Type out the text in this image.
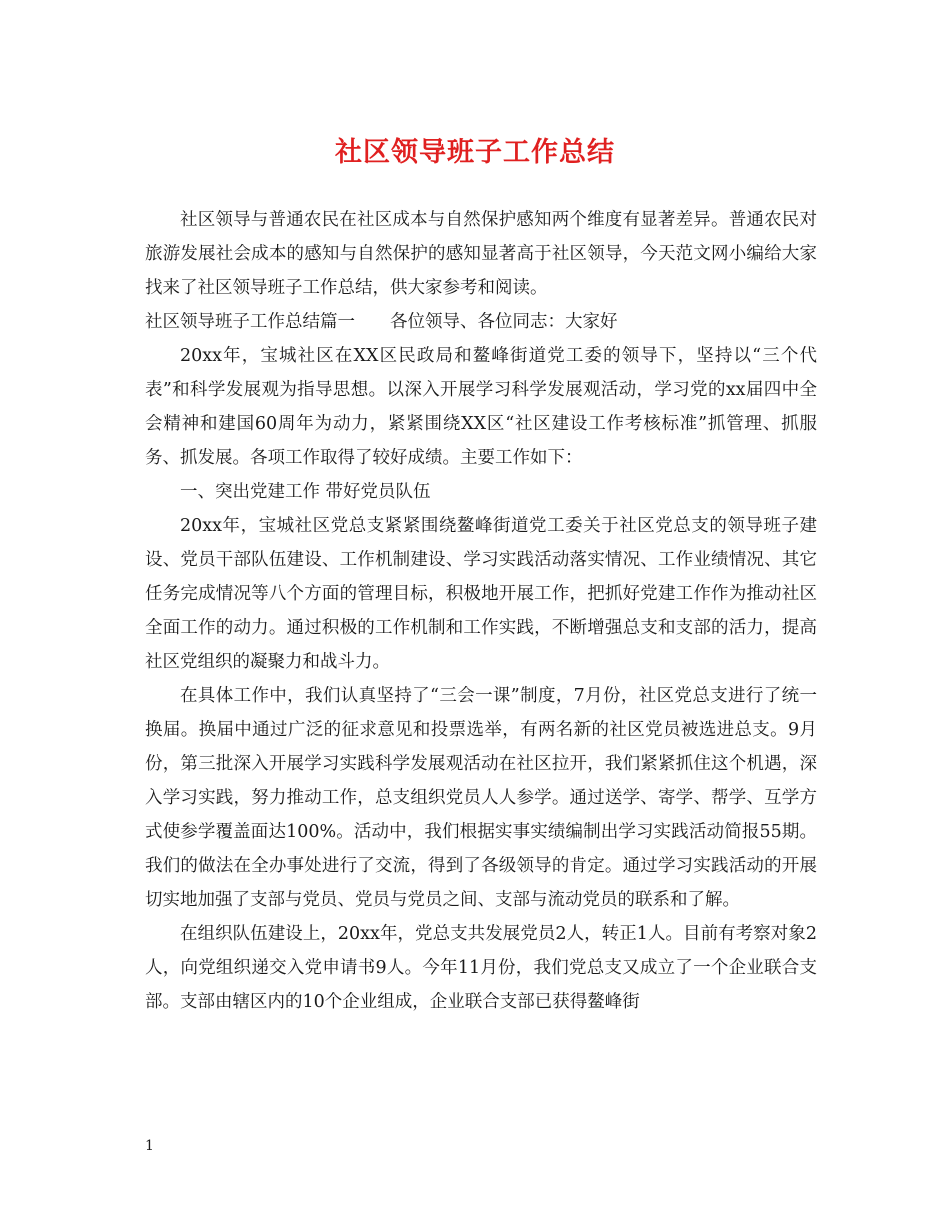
社区领导班子工作总结

社区领导与普通农民在社区成本与自然保护感知两个维度有显著差异。普通农民对旅游发展社会成本的感知与自然保护的感知显著高于社区领导，今天范文网小编给大家找来了社区领导班子工作总结，供大家参考和阅读。

社区领导班子工作总结篇一　　各位领导、各位同志：大家好

20xx年，宝城社区在XX区民政局和鳌峰街道党工委的领导下，坚持以“三个代表”和科学发展观为指导思想。以深入开展学习科学发展观活动，学习党的xx届四中全会精神和建国60周年为动力，紧紧围绕XX区“社区建设工作考核标准”抓管理、抓服务、抓发展。各项工作取得了较好成绩。主要工作如下：

一、突出党建工作 带好党员队伍

20xx年，宝城社区党总支紧紧围绕鳌峰街道党工委关于社区党总支的领导班子建设、党员干部队伍建设、工作机制建设、学习实践活动落实情况、工作业绩情况、其它任务完成情况等八个方面的管理目标，积极地开展工作，把抓好党建工作作为推动社区全面工作的动力。通过积极的工作机制和工作实践，不断增强总支和支部的活力，提高社区党组织的凝聚力和战斗力。

在具体工作中，我们认真坚持了“三会一课”制度，7月份，社区党总支进行了统一换届。换届中通过广泛的征求意见和投票选举，有两名新的社区党员被选进总支。9月份，第三批深入开展学习实践科学发展观活动在社区拉开，我们紧紧抓住这个机遇，深入学习实践，努力推动工作，总支组织党员人人参学。通过送学、寄学、帮学、互学方式使参学覆盖面达100%。活动中，我们根据实事实绩编制出学习实践活动简报55期。我们的做法在全办事处进行了交流，得到了各级领导的肯定。通过学习实践活动的开展切实地加强了支部与党员、党员与党员之间、支部与流动党员的联系和了解。

在组织队伍建设上，20xx年，党总支共发展党员2人，转正1人。目前有考察对象2人，向党组织递交入党申请书9人。今年11月份，我们党总支又成立了一个企业联合支部。支部由辖区内的10个企业组成，企业联合支部已获得鳌峰街

1
